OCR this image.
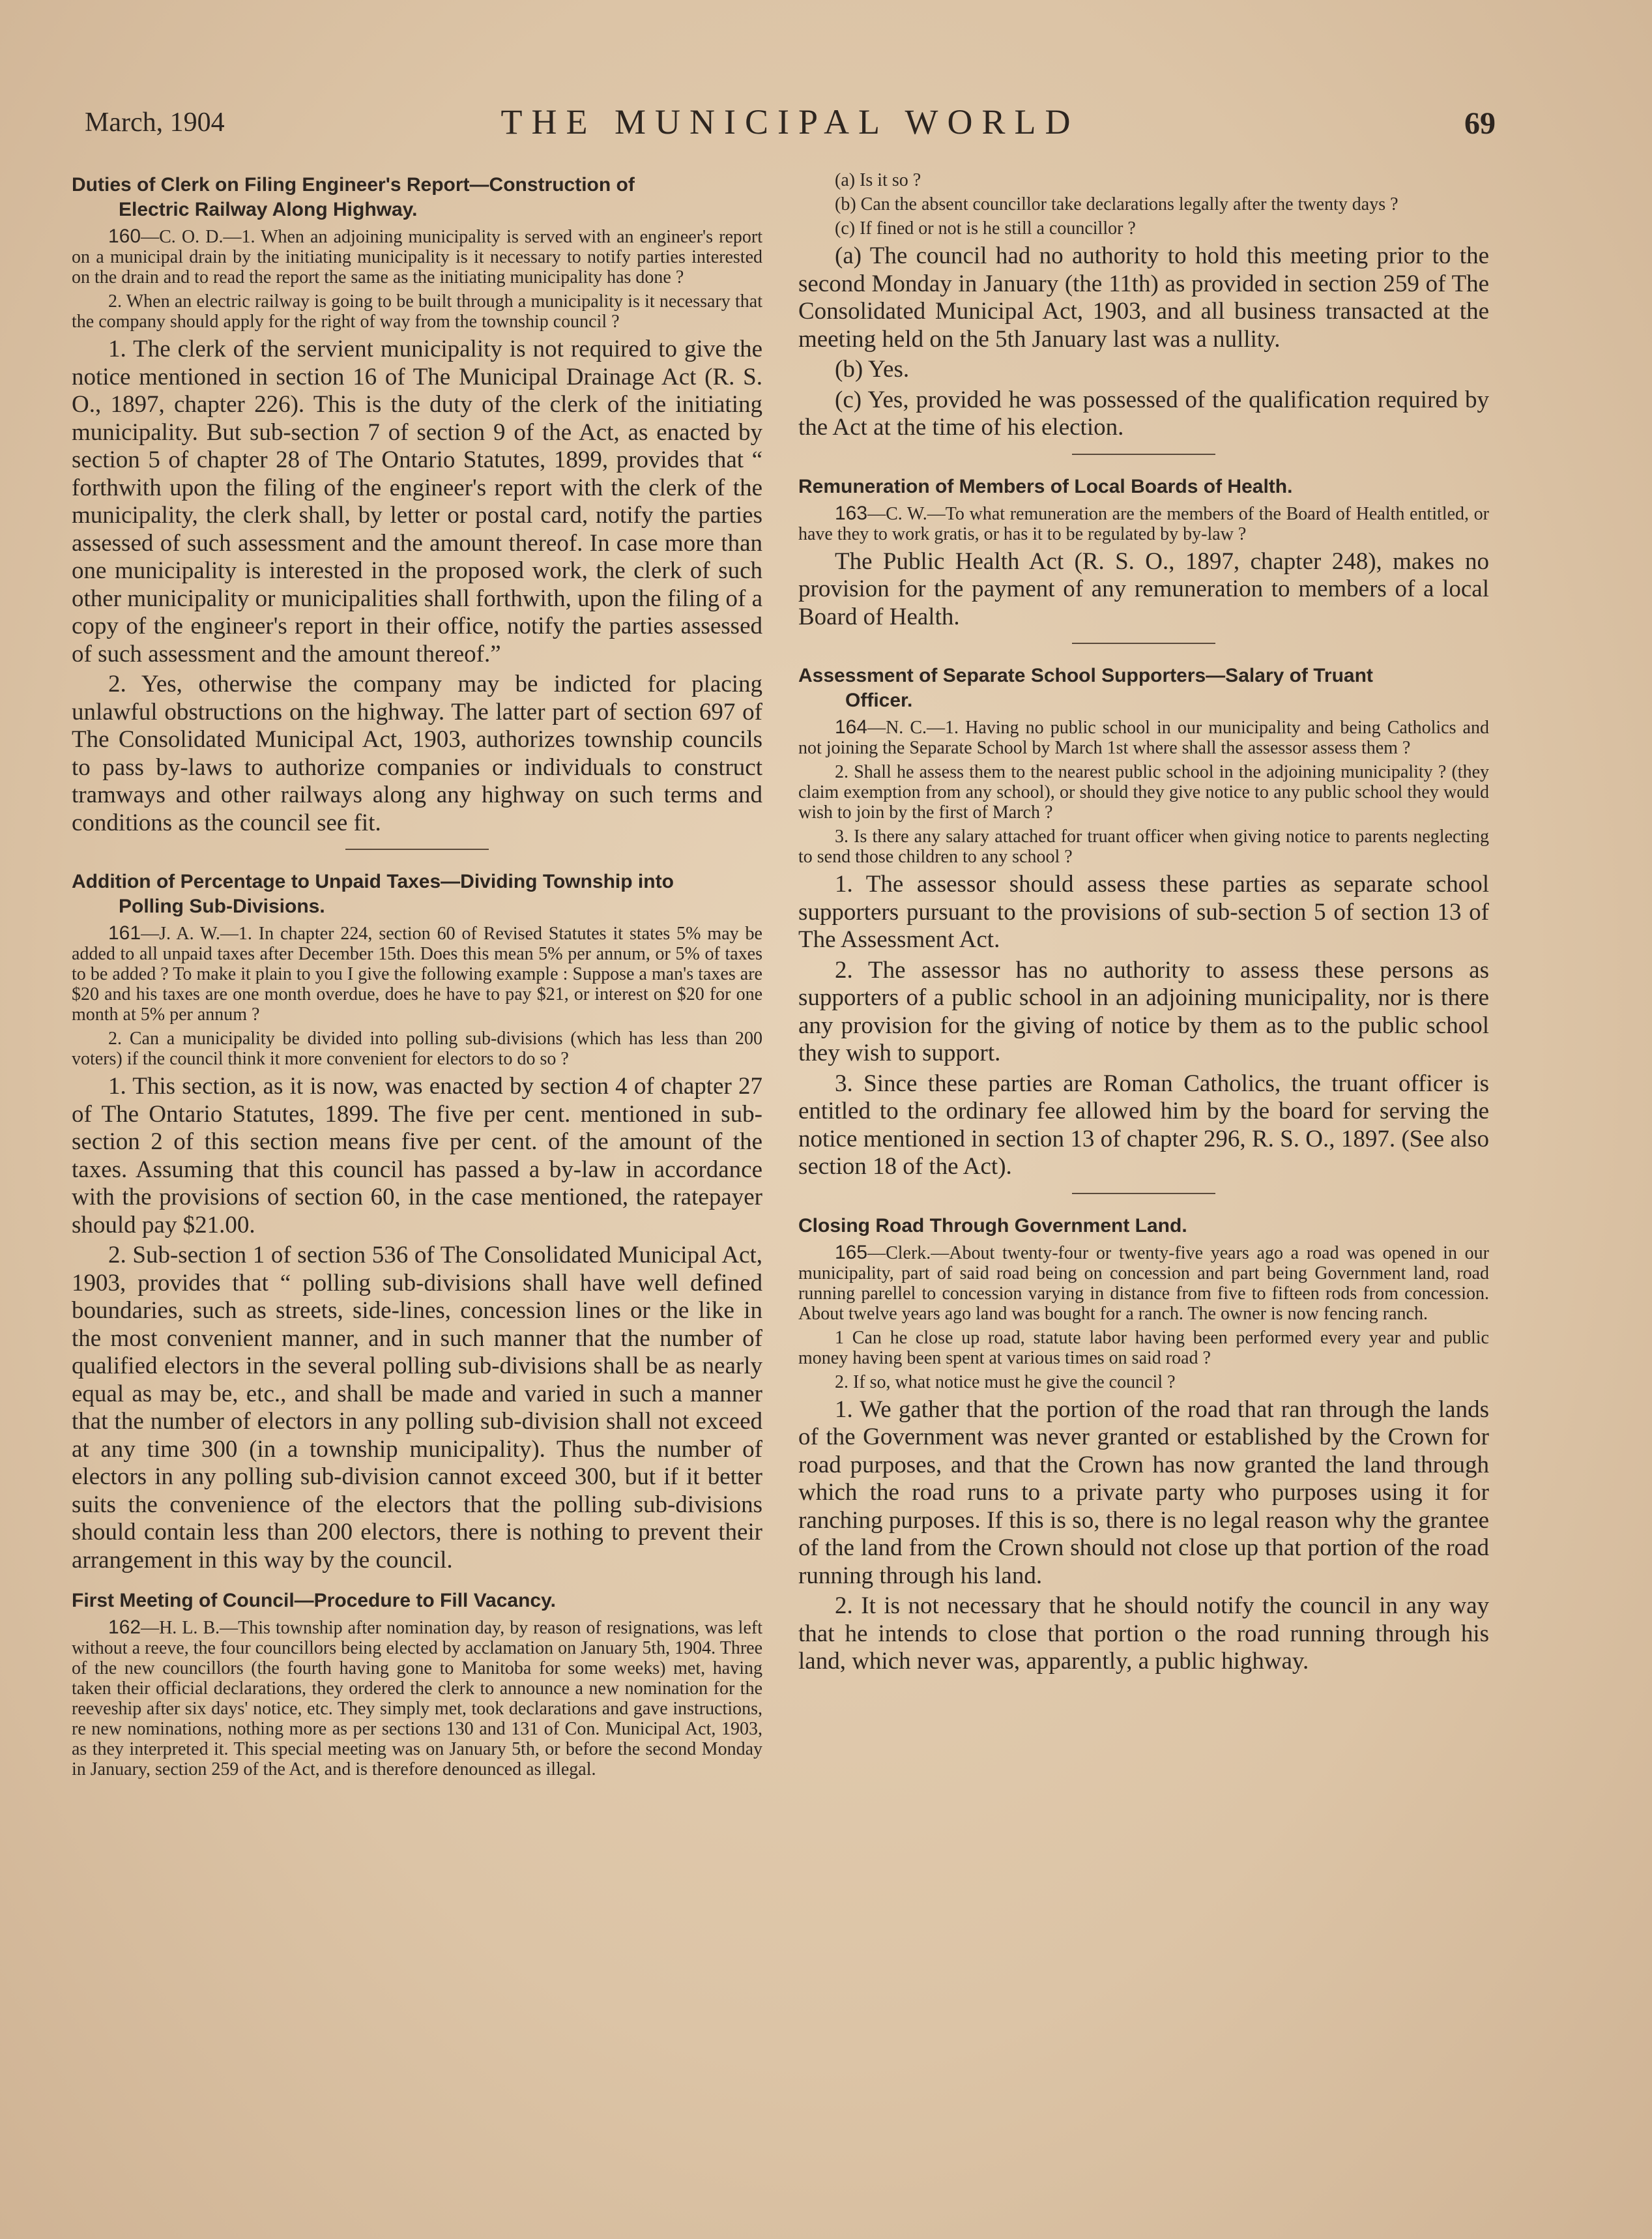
March, 1904	THE MUNICIPAL WORLD	69
Duties of Clerk on Filing Engineer's Report—Construction of
Electric Railway Along Highway.

160—C. O. D.—1. When an adjoining municipality is served with an engineer's report on a municipal drain by the initiating municipality is it necessary to notify parties interested on the drain and to read the report the same as the initiating municipality has done ?

2. When an electric railway is going to be built through a municipality is it necessary that the company should apply for the right of way from the township council ?

1. The clerk of the servient municipality is not required to give the notice mentioned in section 16 of The Municipal Drainage Act (R. S. O., 1897, chapter 226). This is the duty of the clerk of the initiating municipality. But sub-section 7 of section 9 of the Act, as enacted by section 5 of chapter 28 of The Ontario Statutes, 1899, provides that “ forthwith upon the filing of the engineer's report with the clerk of the municipality, the clerk shall, by letter or postal card, notify the parties assessed of such assessment and the amount thereof. In case more than one municipality is interested in the proposed work, the clerk of such other municipality or municipalities shall forthwith, upon the filing of a copy of the engineer's report in their office, notify the parties assessed of such assessment and the amount thereof.”

2. Yes, otherwise the company may be indicted for placing unlawful obstructions on the highway. The latter part of section 697 of The Consolidated Municipal Act, 1903, authorizes township councils to pass by-laws to authorize companies or individuals to construct tramways and other railways along any highway on such terms and conditions as the council see fit.

Addition of Percentage to Unpaid Taxes—Dividing Township into
Polling Sub-Divisions.

161—J. A. W.—1. In chapter 224, section 60 of Revised Statutes it states 5% may be added to all unpaid taxes after December 15th. Does this mean 5% per annum, or 5% of taxes to be added ? To make it plain to you I give the following example : Suppose a man's taxes are $20 and his taxes are one month overdue, does he have to pay $21, or interest on $20 for one month at 5% per annum ?

2. Can a municipality be divided into polling sub-divisions (which has less than 200 voters) if the council think it more convenient for electors to do so ?

1. This section, as it is now, was enacted by section 4 of chapter 27 of The Ontario Statutes, 1899. The five per cent. mentioned in sub-section 2 of this section means five per cent. of the amount of the taxes. Assuming that this council has passed a by-law in accordance with the provisions of section 60, in the case mentioned, the ratepayer should pay $21.00.

2. Sub-section 1 of section 536 of The Consolidated Municipal Act, 1903, provides that “ polling sub-divisions shall have well defined boundaries, such as streets, side-lines, concession lines or the like in the most convenient manner, and in such manner that the number of qualified electors in the several polling sub-divisions shall be as nearly equal as may be, etc., and shall be made and varied in such a manner that the number of electors in any polling sub-division shall not exceed at any time 300 (in a township municipality). Thus the number of electors in any polling sub-division cannot exceed 300, but if it better suits the convenience of the electors that the polling sub-divisions should contain less than 200 electors, there is nothing to prevent their arrangement in this way by the council.

First Meeting of Council—Procedure to Fill Vacancy.

162—H. L. B.—This township after nomination day, by reason of resignations, was left without a reeve, the four councillors being elected by acclamation on January 5th, 1904. Three of the new councillors (the fourth having gone to Manitoba for some weeks) met, having taken their official declarations, they ordered the clerk to announce a new nomination for the reeveship after six days' notice, etc. They simply met, took declarations and gave instructions, re new nominations, nothing more as per sections 130 and 131 of Con. Municipal Act, 1903, as they interpreted it. This special meeting was on January 5th, or before the second Monday in January, section 259 of the Act, and is therefore denounced as illegal.

(a) Is it so ?

(b) Can the absent councillor take declarations legally after the twenty days ?

(c) If fined or not is he still a councillor ?

(a) The council had no authority to hold this meeting prior to the second Monday in January (the 11th) as provided in section 259 of The Consolidated Municipal Act, 1903, and all business transacted at the meeting held on the 5th January last was a nullity.

(b) Yes.

(c) Yes, provided he was possessed of the qualification required by the Act at the time of his election.

Remuneration of Members of Local Boards of Health.

163—C. W.—To what remuneration are the members of the Board of Health entitled, or have they to work gratis, or has it to be regulated by by-law ?

The Public Health Act (R. S. O., 1897, chapter 248), makes no provision for the payment of any remuneration to members of a local Board of Health.

Assessment of Separate School Supporters—Salary of Truant
Officer.

164—N. C.—1. Having no public school in our municipality and being Catholics and not joining the Separate School by March 1st where shall the assessor assess them ?

2. Shall he assess them to the nearest public school in the adjoining municipality ? (they claim exemption from any school), or should they give notice to any public school they would wish to join by the first of March ?

3. Is there any salary attached for truant officer when giving notice to parents neglecting to send those children to any school ?

1. The assessor should assess these parties as separate school supporters pursuant to the provisions of sub-section 5 of section 13 of The Assessment Act.

2. The assessor has no authority to assess these persons as supporters of a public school in an adjoining municipality, nor is there any provision for the giving of notice by them as to the public school they wish to support.

3. Since these parties are Roman Catholics, the truant officer is entitled to the ordinary fee allowed him by the board for serving the notice mentioned in section 13 of chapter 296, R. S. O., 1897. (See also section 18 of the Act).

Closing Road Through Government Land.

165—Clerk.—About twenty-four or twenty-five years ago a road was opened in our municipality, part of said road being on concession and part being Government land, road running parellel to concession varying in distance from five to fifteen rods from concession. About twelve years ago land was bought for a ranch. The owner is now fencing ranch.

1 Can he close up road, statute labor having been performed every year and public money having been spent at various times on said road ?

2. If so, what notice must he give the council ?

1. We gather that the portion of the road that ran through the lands of the Government was never granted or established by the Crown for road purposes, and that the Crown has now granted the land through which the road runs to a private party who purposes using it for ranching purposes. If this is so, there is no legal reason why the grantee of the land from the Crown should not close up that portion of the road running through his land.

2. It is not necessary that he should notify the council in any way that he intends to close that portion o the road running through his land, which never was, apparently, a public highway.
